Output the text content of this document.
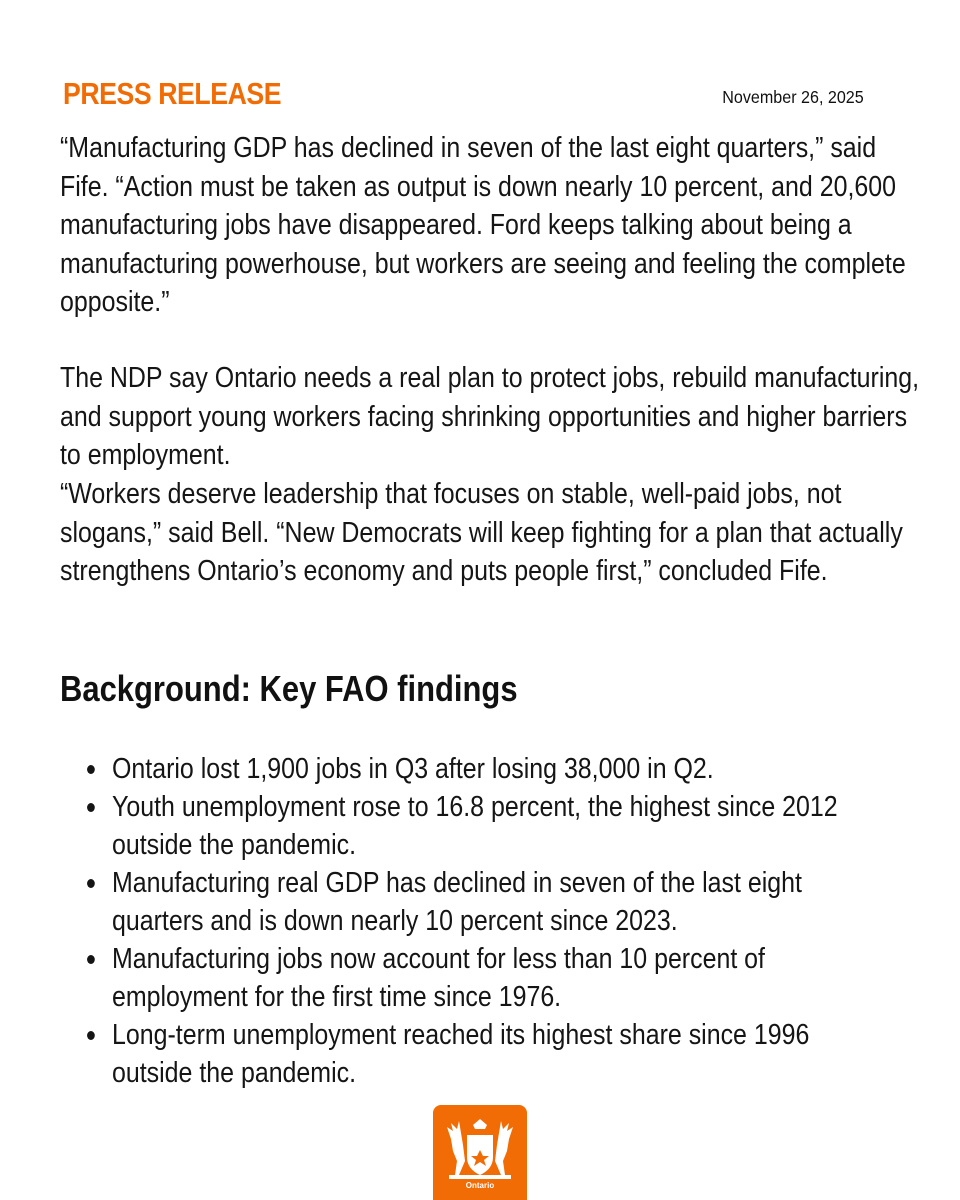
PRESS RELEASE	November 26, 2025

“Manufacturing GDP has declined in seven of the last eight quarters,” said Fife. “Action must be taken as output is down nearly 10 percent, and 20,600 manufacturing jobs have disappeared. Ford keeps talking about being a manufacturing powerhouse, but workers are seeing and feeling the complete opposite.”

The NDP say Ontario needs a real plan to protect jobs, rebuild manufacturing, and support young workers facing shrinking opportunities and higher barriers to employment.

“Workers deserve leadership that focuses on stable, well-paid jobs, not slogans,” said Bell. “New Democrats will keep fighting for a plan that actually strengthens Ontario’s economy and puts people first,” concluded Fife.

Background: Key FAO findings
Ontario lost 1,900 jobs in Q3 after losing 38,000 in Q2.
Youth unemployment rose to 16.8 percent, the highest since 2012 outside the pandemic.
Manufacturing real GDP has declined in seven of the last eight quarters and is down nearly 10 percent since 2023.
Manufacturing jobs now account for less than 10 percent of employment for the first time since 1976.
Long-term unemployment reached its highest share since 1996 outside the pandemic.
Ontario
